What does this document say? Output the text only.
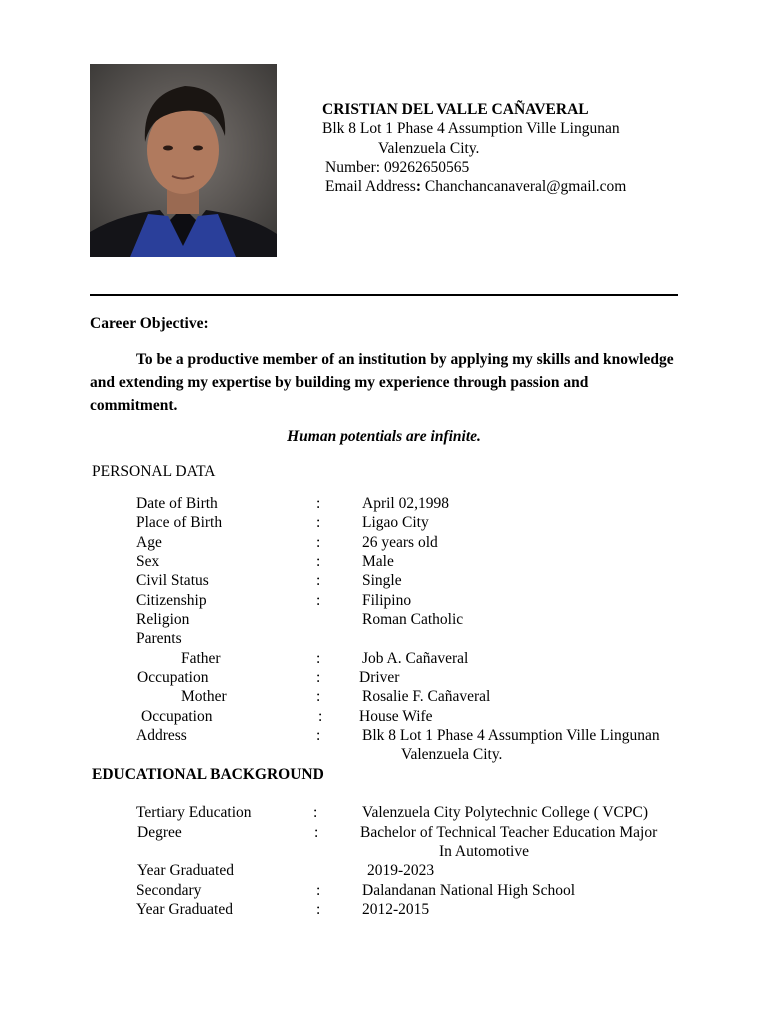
CRISTIAN DEL VALLE CAÑAVERAL
Blk 8 Lot 1 Phase 4 Assumption Ville Lingunan
Valenzuela City.
Number: 09262650565
Email Address: Chanchancanaveral@gmail.com
Career Objective:
To be a productive member of an institution by applying my skills and knowledge and extending my expertise by building my experience through passion and commitment.
Human potentials are infinite.
PERSONAL DATA
Date of Birth	:	April 02,1998
Place of Birth	:	Ligao City
Age	:	26 years old
Sex	:	Male
Civil Status	:	Single
Citizenship	:	Filipino
Religion	Roman Catholic
Parents
Father	:	Job A. Cañaveral
Occupation	: Driver
Mother	:	Rosalie F. Cañaveral
Occupation	: House Wife
Address	:	Blk 8 Lot 1 Phase 4 Assumption Ville Lingunan
Valenzuela City.
EDUCATIONAL BACKGROUND
Tertiary Education	:	Valenzuela City Polytechnic College ( VCPC)
Degree	:	Bachelor of Technical Teacher Education Major
In Automotive
Year Graduated	2019-2023
Secondary	:	Dalandanan National High School
Year Graduated	:	2012-2015
